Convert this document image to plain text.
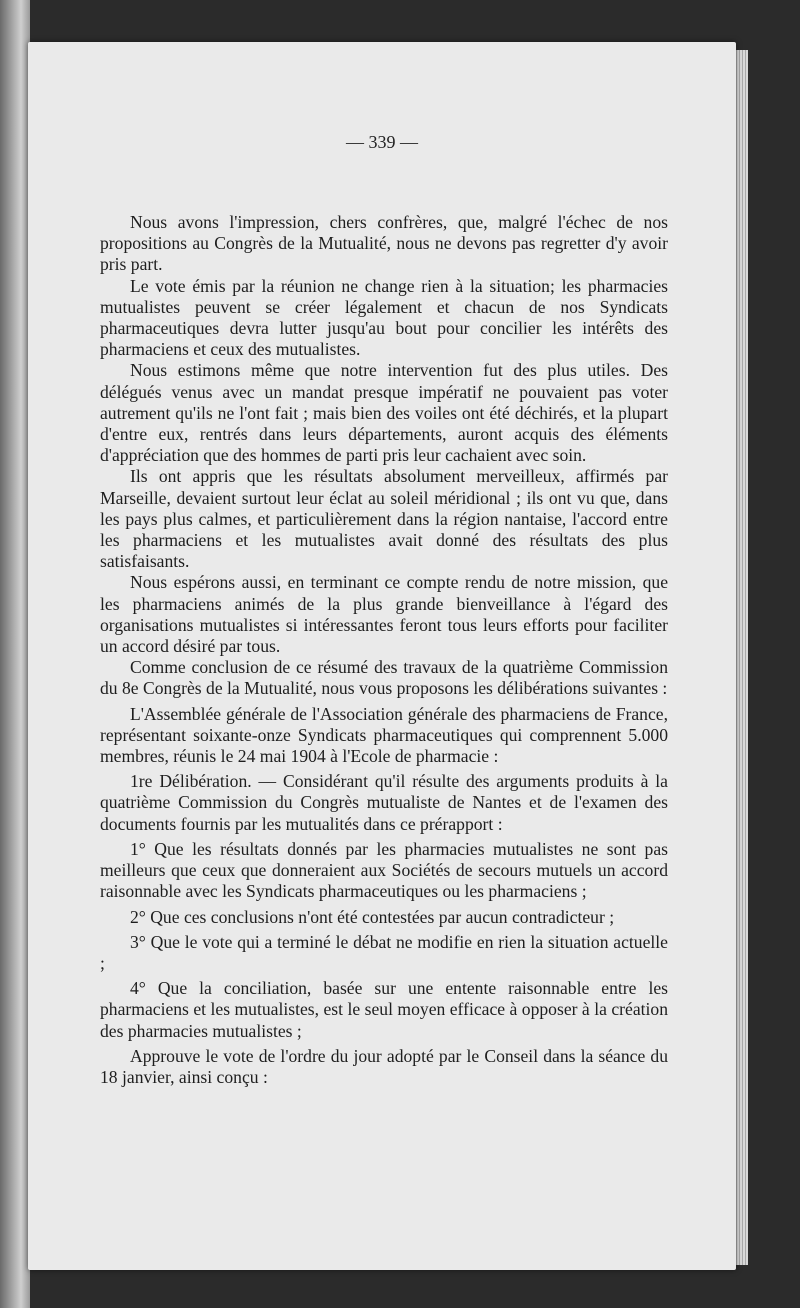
— 339 —

Nous avons l'impression, chers confrères, que, malgré l'échec de nos propositions au Congrès de la Mutualité, nous ne devons pas regretter d'y avoir pris part.

Le vote émis par la réunion ne change rien à la situation; les pharmacies mutualistes peuvent se créer légalement et chacun de nos Syndicats pharmaceutiques devra lutter jusqu'au bout pour concilier les intérêts des pharmaciens et ceux des mutualistes.

Nous estimons même que notre intervention fut des plus utiles. Des délégués venus avec un mandat presque impératif ne pouvaient pas voter autrement qu'ils ne l'ont fait ; mais bien des voiles ont été déchirés, et la plupart d'entre eux, rentrés dans leurs départements, auront acquis des éléments d'appréciation que des hommes de parti pris leur cachaient avec soin.

Ils ont appris que les résultats absolument merveilleux, affirmés par Marseille, devaient surtout leur éclat au soleil méridional ; ils ont vu que, dans les pays plus calmes, et particulièrement dans la région nantaise, l'accord entre les pharmaciens et les mutualistes avait donné des résultats des plus satisfaisants.

Nous espérons aussi, en terminant ce compte rendu de notre mission, que les pharmaciens animés de la plus grande bienveillance à l'égard des organisations mutualistes si intéressantes feront tous leurs efforts pour faciliter un accord désiré par tous.

Comme conclusion de ce résumé des travaux de la quatrième Commission du 8e Congrès de la Mutualité, nous vous proposons les délibérations suivantes :

L'Assemblée générale de l'Association générale des pharmaciens de France, représentant soixante-onze Syndicats pharmaceutiques qui comprennent 5.000 membres, réunis le 24 mai 1904 à l'Ecole de pharmacie :

1re Délibération. — Considérant qu'il résulte des arguments produits à la quatrième Commission du Congrès mutualiste de Nantes et de l'examen des documents fournis par les mutualités dans ce prérapport :

1° Que les résultats donnés par les pharmacies mutualistes ne sont pas meilleurs que ceux que donneraient aux Sociétés de secours mutuels un accord raisonnable avec les Syndicats pharmaceutiques ou les pharmaciens ;

2° Que ces conclusions n'ont été contestées par aucun contradicteur ;

3° Que le vote qui a terminé le débat ne modifie en rien la situation actuelle ;

4° Que la conciliation, basée sur une entente raisonnable entre les pharmaciens et les mutualistes, est le seul moyen efficace à opposer à la création des pharmacies mutualistes ;

Approuve le vote de l'ordre du jour adopté par le Conseil dans la séance du 18 janvier, ainsi conçu :
